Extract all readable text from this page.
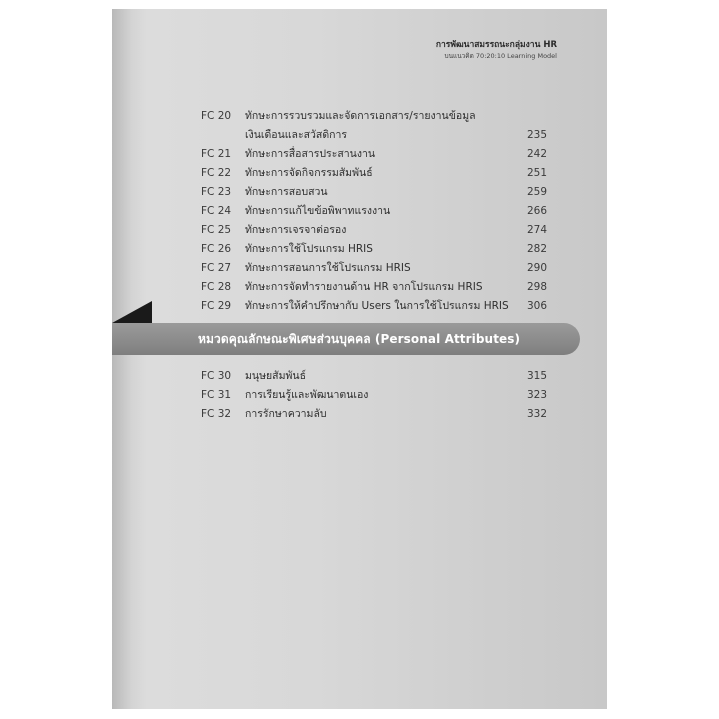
การพัฒนาสมรรถนะกลุ่มงาน HR
บนแนวคิด 70:20:10 Learning Model
FC 20	ทักษะการรวบรวมและจัดการเอกสาร/รายงานข้อมูล
เงินเดือนและสวัสดิการ	235
FC 21	ทักษะการสื่อสารประสานงาน	242
FC 22	ทักษะการจัดกิจกรรมสัมพันธ์	251
FC 23	ทักษะการสอบสวน	259
FC 24	ทักษะการแก้ไขข้อพิพาทแรงงาน	266
FC 25	ทักษะการเจรจาต่อรอง	274
FC 26	ทักษะการใช้โปรแกรม HRIS	282
FC 27	ทักษะการสอนการใช้โปรแกรม HRIS	290
FC 28	ทักษะการจัดทำรายงานด้าน HR จากโปรแกรม HRIS	298
FC 29	ทักษะการให้คำปรึกษากับ Users ในการใช้โปรแกรม HRIS	306
หมวดคุณลักษณะพิเศษส่วนบุคคล (Personal Attributes)
FC 30	มนุษยสัมพันธ์	315
FC 31	การเรียนรู้และพัฒนาตนเอง	323
FC 32	การรักษาความลับ	332
